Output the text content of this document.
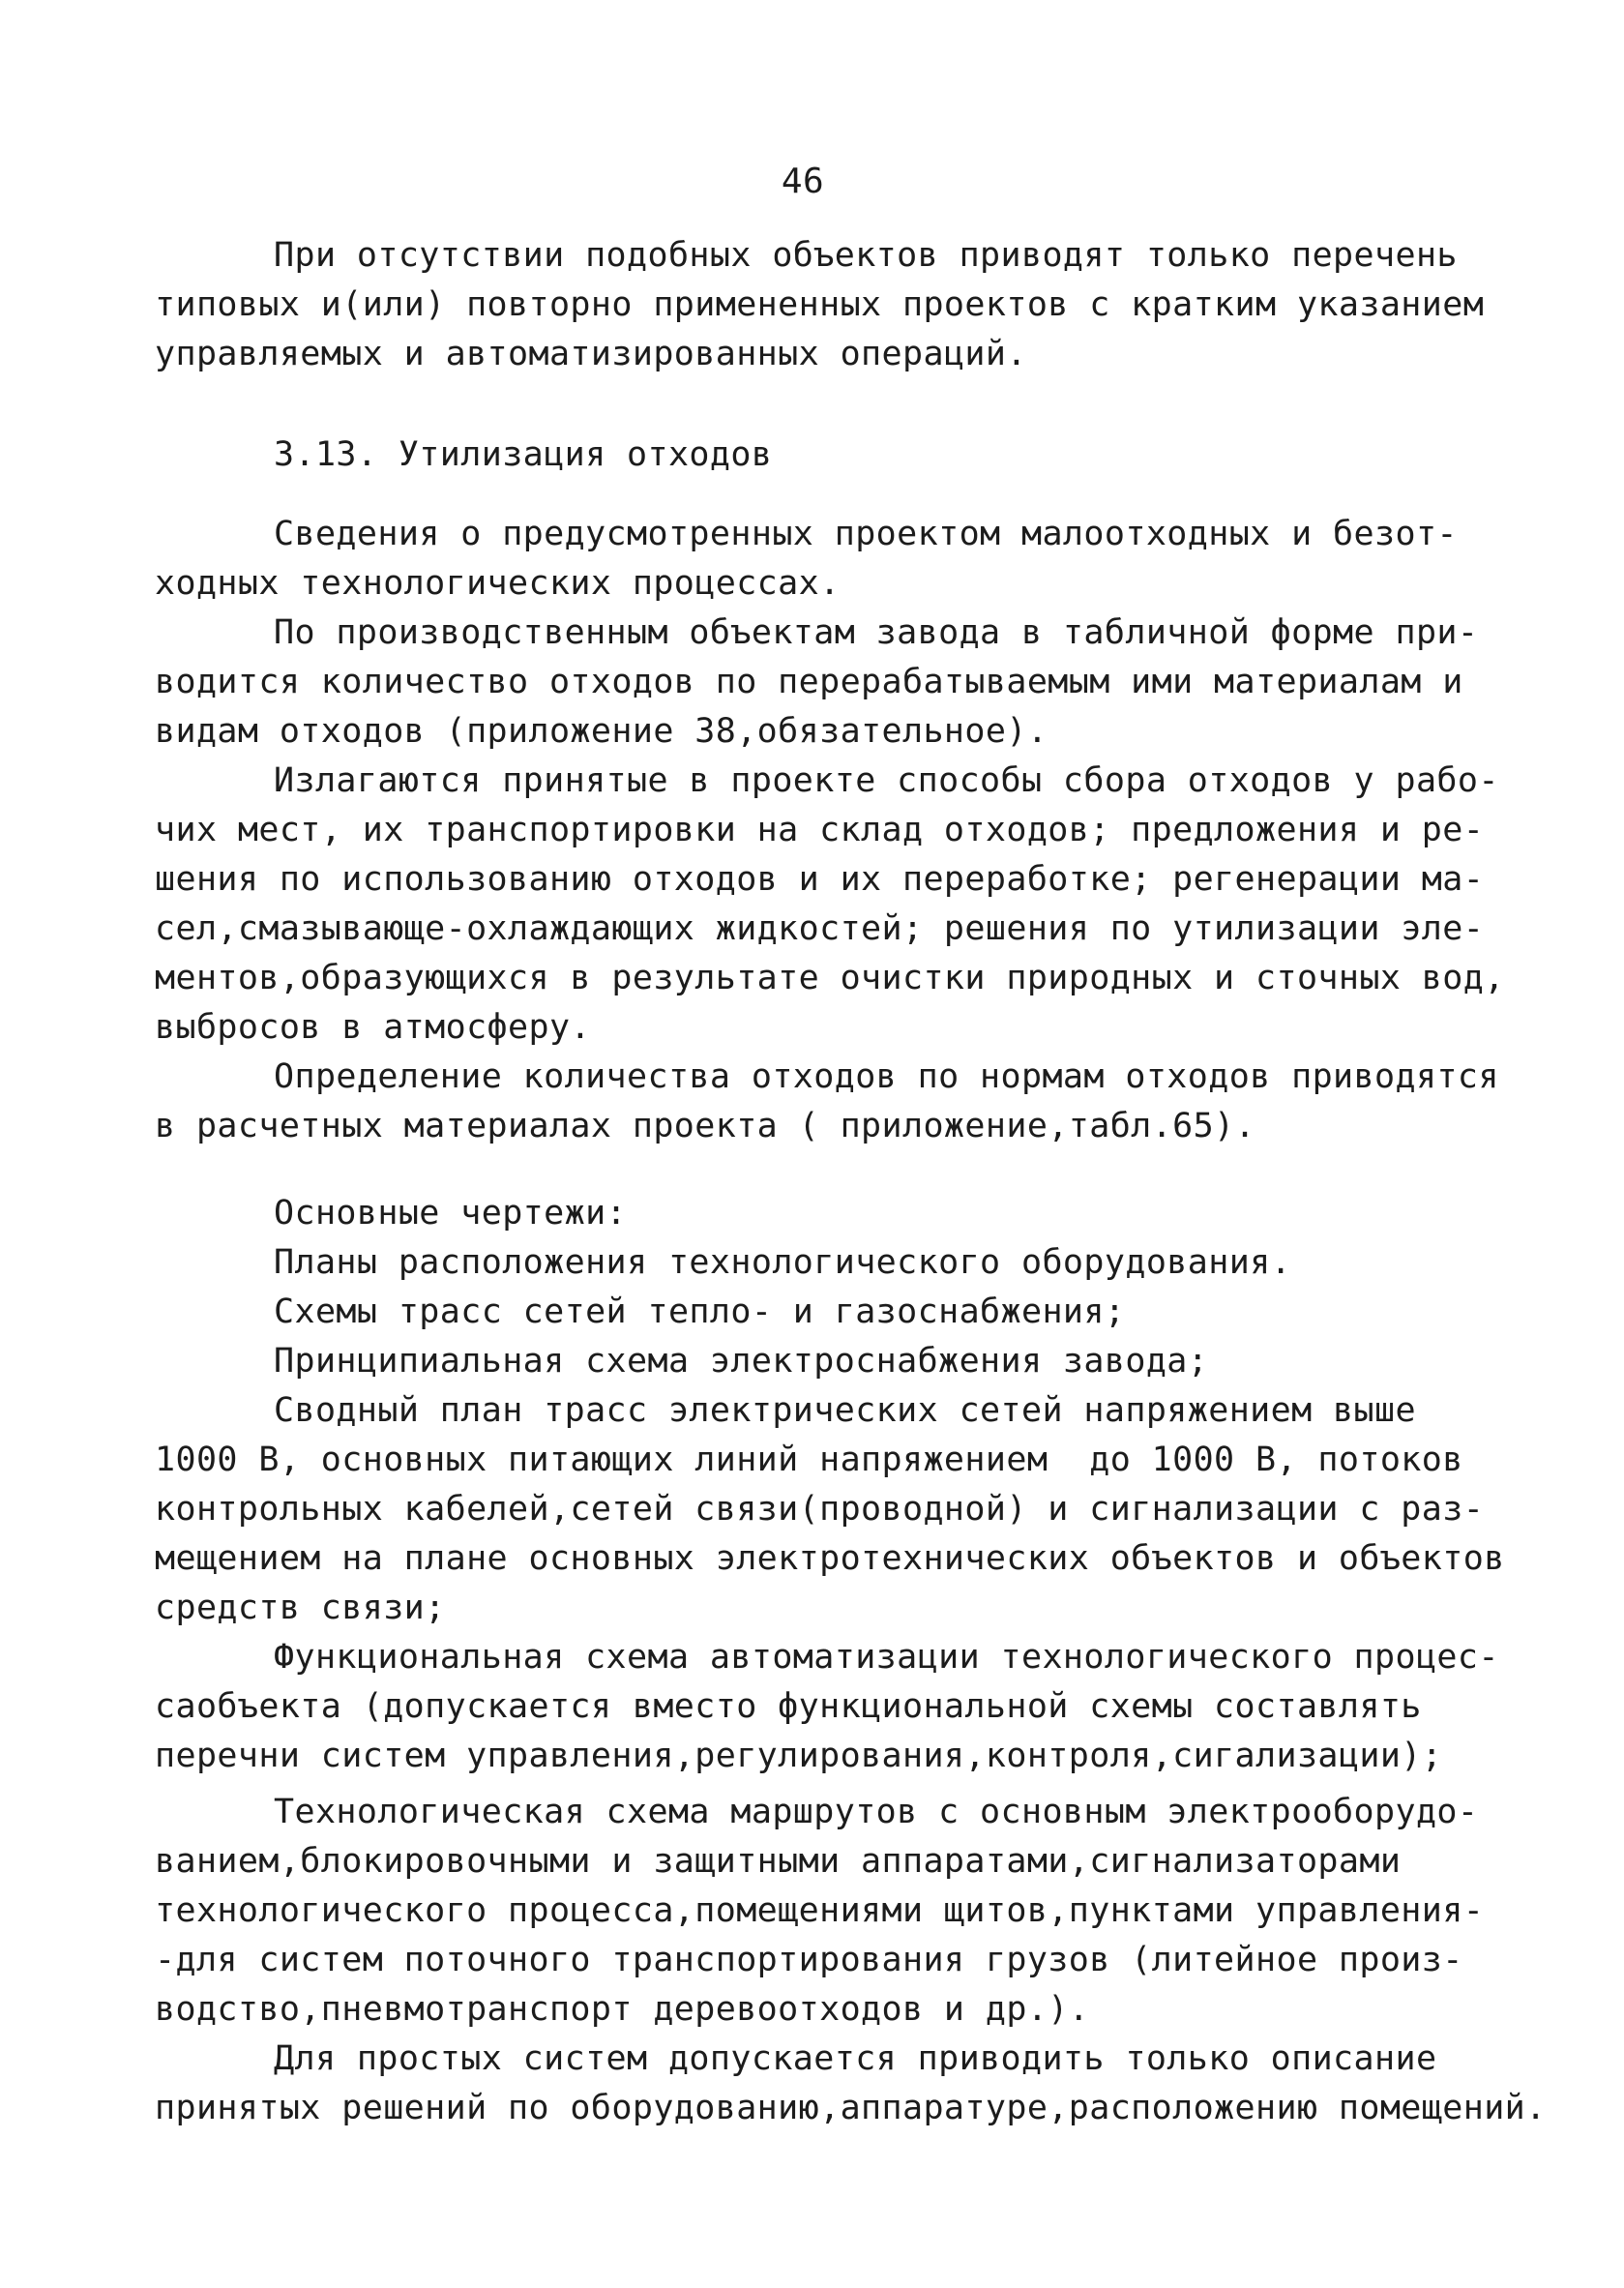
46
При отсутствии подобных объектов приводят только перечень
типовых и(или) повторно примененных проектов с кратким указанием
управляемых и автоматизированных операций.
3.13. Утилизация отходов
Сведения о предусмотренных проектом малоотходных и безот-
ходных технологических процессах.
По производственным объектам завода в табличной форме при-
водится количество отходов по перерабатываемым ими материалам и
видам отходов (приложение 38,обязательное).
Излагаются принятые в проекте способы сбора отходов у рабо-
чих мест, их транспортировки на склад отходов; предложения и ре-
шения по использованию отходов и их переработке; регенерации ма-
сел,смазывающе-охлаждающих жидкостей; решения по утилизации эле-
ментов,образующихся в результате очистки природных и сточных вод,
выбросов в атмосферу.
Определение количества отходов по нормам отходов приводятся
в расчетных материалах проекта ( приложение,табл.65).
Основные чертежи:
Планы расположения технологического оборудования.
Схемы трасс сетей тепло- и газоснабжения;
Принципиальная схема электроснабжения завода;
Сводный план трасс электрических сетей напряжением выше
1000 В, основных питающих линий напряжением  до 1000 В, потоков
контрольных кабелей,сетей связи(проводной) и сигнализации с раз-
мещением на плане основных электротехнических объектов и объектов
средств связи;
Функциональная схема автоматизации технологического процес-
саобъекта (допускается вместо функциональной схемы составлять
перечни систем управления,регулирования,контроля,сигализации);
Технологическая схема маршрутов с основным электрооборудо-
ванием,блокировочными и защитными аппаратами,сигнализаторами
технологического процесса,помещениями щитов,пунктами управления-
-для систем поточного транспортирования грузов (литейное произ-
водство,пневмотранспорт деревоотходов и др.).
Для простых систем допускается приводить только описание
принятых решений по оборудованию,аппаратуре,расположению помещений.
